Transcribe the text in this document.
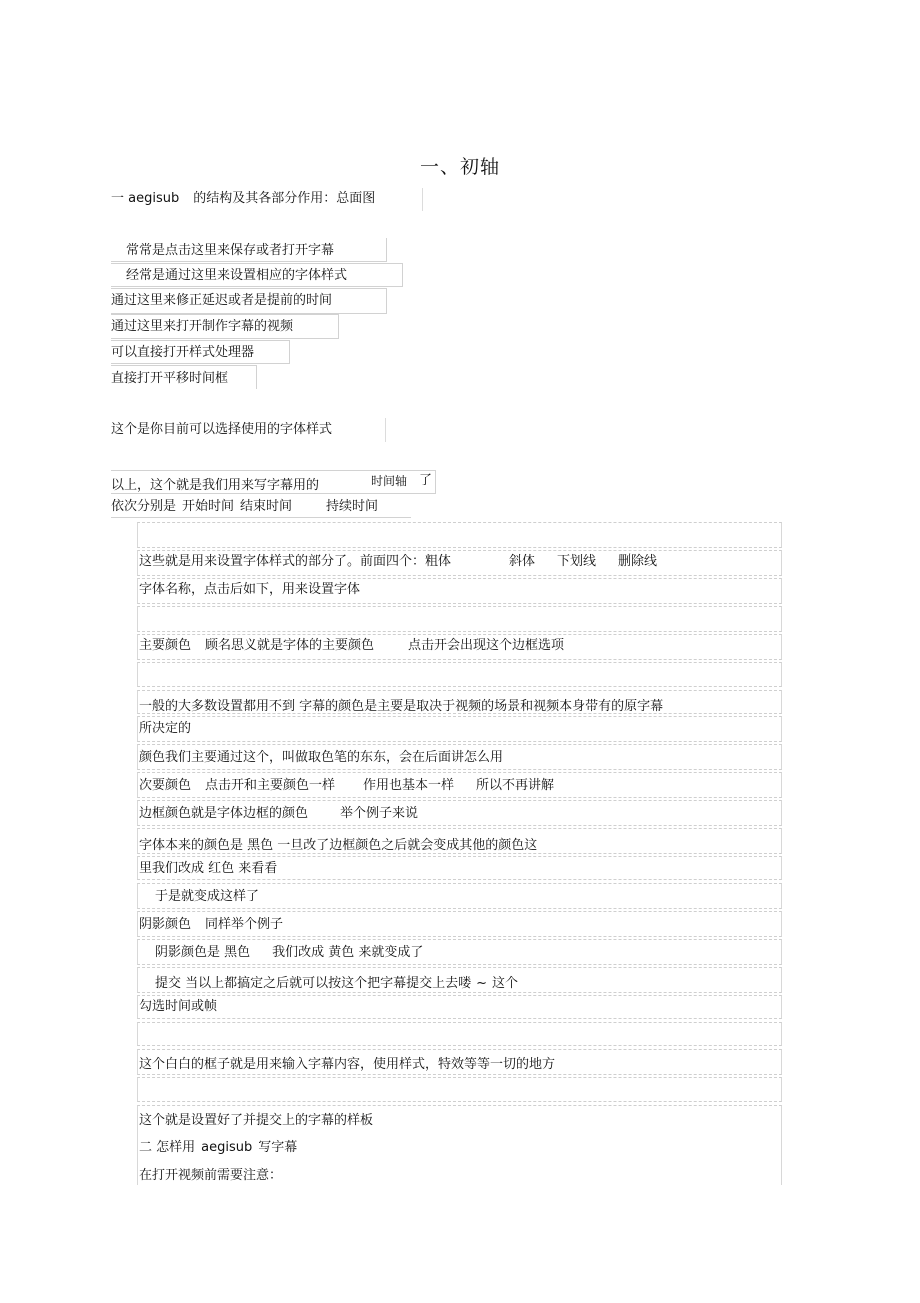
一、初轴
一 aegisub 的结构及其各部分作用：总面图
常常是点击这里来保存或者打开字幕
经常是通过这里来设置相应的字体样式
通过这里来修正延迟或者是提前的时间
通过这里来打开制作字幕的视频
可以直接打开样式处理器
直接打开平移时间框
这个是你目前可以选择使用的字体样式
以上，这个就是我们用来写字幕用的	时间轴 了
依次分别是 开始时间 结束时间	持续时间
这些就是用来设置字体样式的部分了。前面四个：粗体	斜体 下划线 删除线
字体名称，点击后如下，用来设置字体
主要颜色 顾名思义就是字体的主要颜色	点击开会出现这个边框选项
一般的大多数设置都用不到 字幕的颜色是主要是取决于视频的场景和视频本身带有的原字幕
所决定的
颜色我们主要通过这个，叫做取色笔的东东，会在后面讲怎么用
次要颜色 点击开和主要颜色一样 作用也基本一样 所以不再讲解
边框颜色就是字体边框的颜色 举个例子来说
字体本来的颜色是 黑色 一旦改了边框颜色之后就会变成其他的颜色这
里我们改成 红色 来看看
于是就变成这样了
阴影颜色 同样举个例子
阴影颜色是 黑色 我们改成 黄色 来就变成了
提交 当以上都搞定之后就可以按这个把字幕提交上去喽 ~ 这个
勾选时间或帧
这个白白的框子就是用来输入字幕内容，使用样式，特效等等一切的地方
这个就是设置好了并提交上的字幕的样板
二 怎样用 aegisub 写字幕
在打开视频前需要注意：
